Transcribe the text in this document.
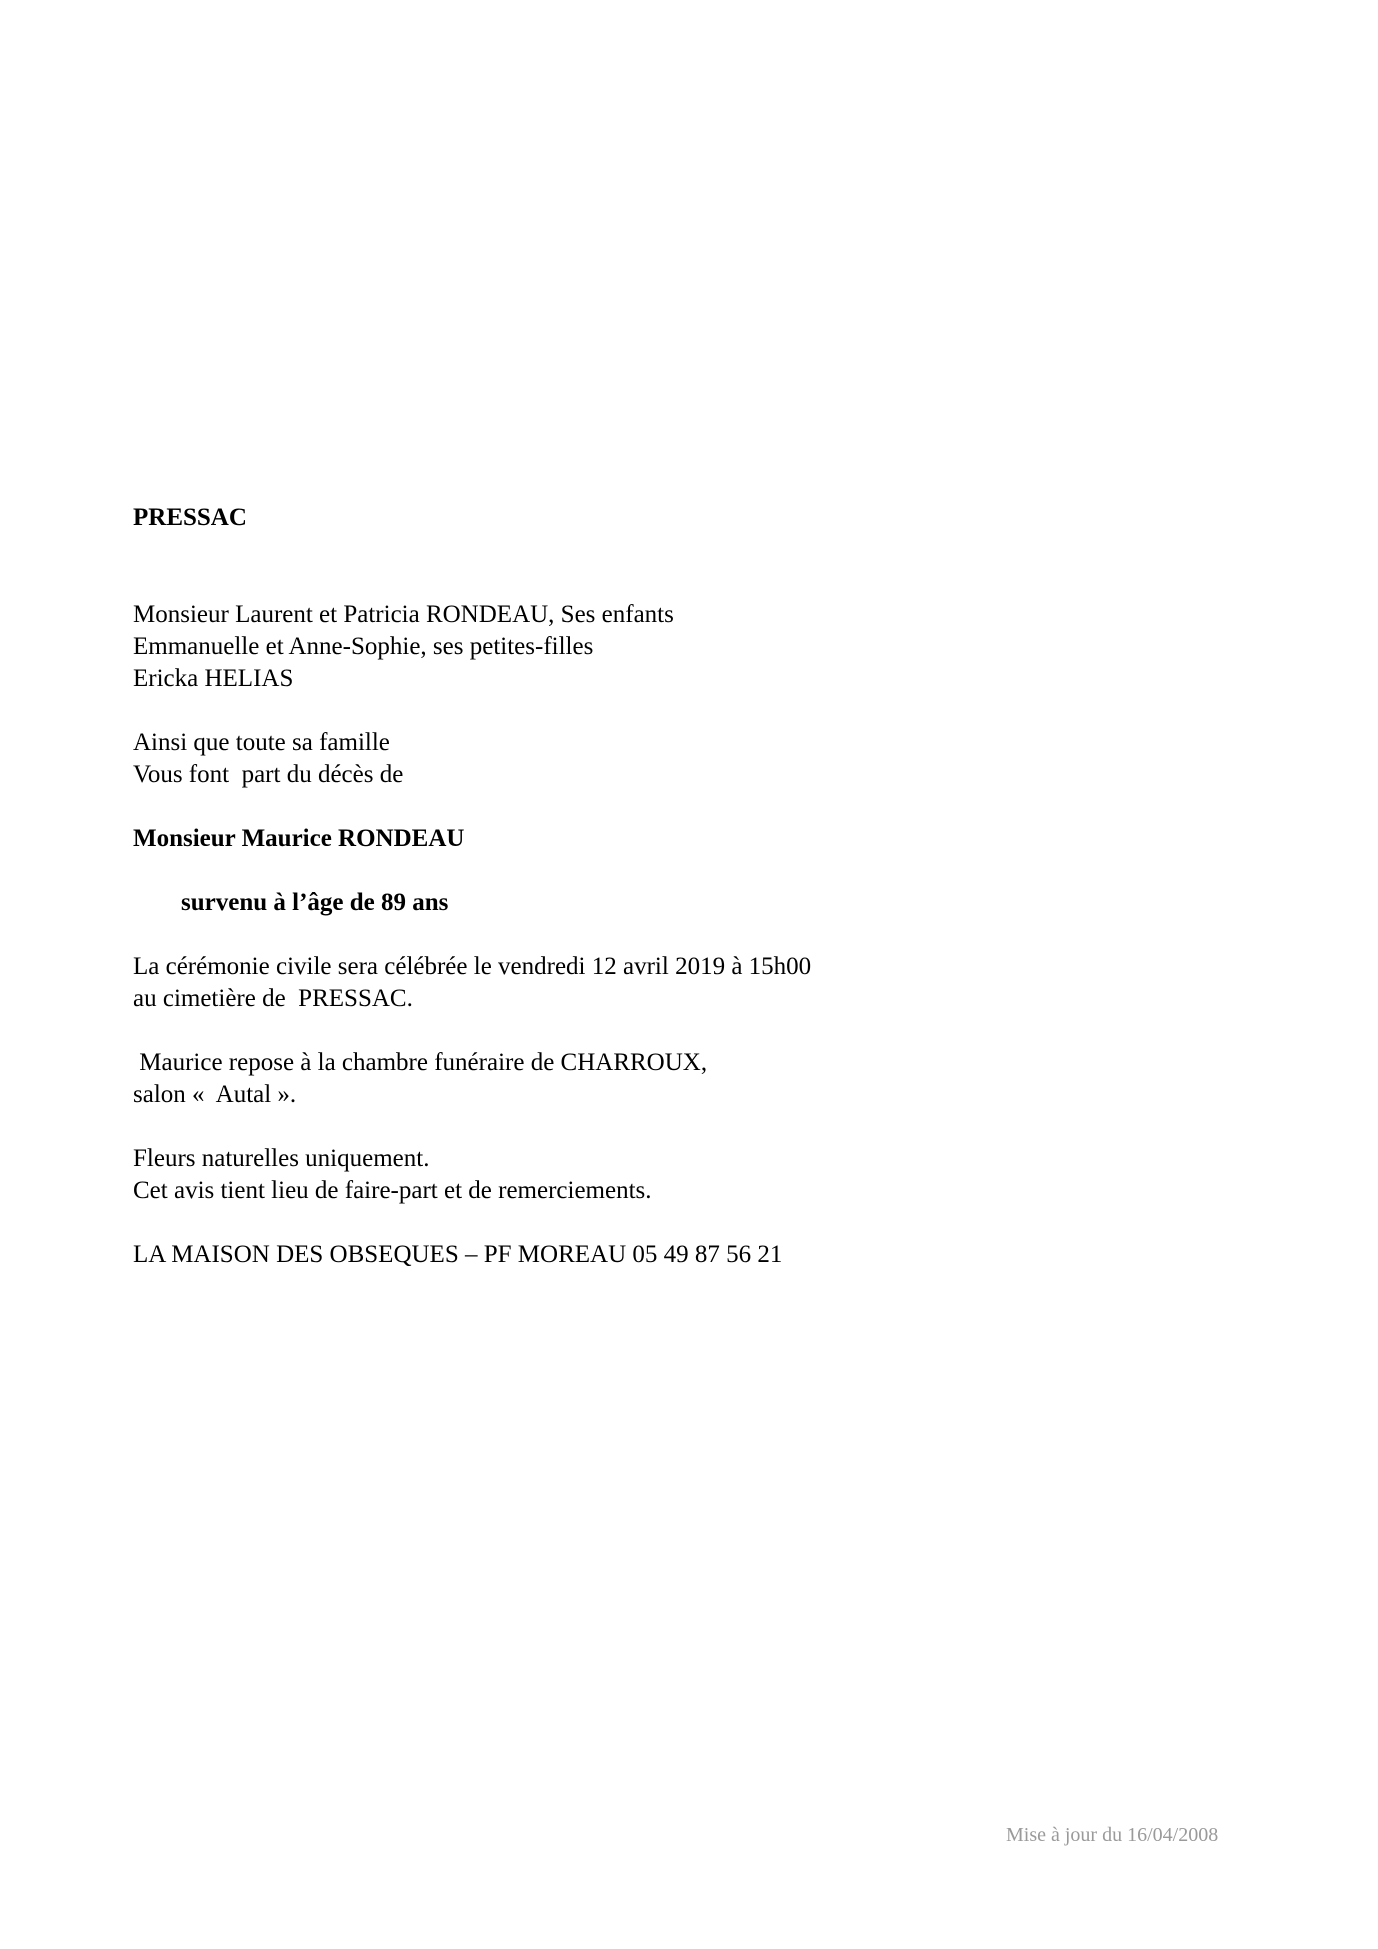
PRESSAC

Monsieur Laurent et Patricia RONDEAU, Ses enfants

Emmanuelle et Anne-Sophie, ses petites-filles

Ericka HELIAS

Ainsi que toute sa famille

Vous font  part du décès de

Monsieur Maurice RONDEAU

survenu à l’âge de 89 ans

La cérémonie civile sera célébrée le vendredi 12 avril 2019 à 15h00

au cimetière de  PRESSAC.

Maurice repose à la chambre funéraire de CHARROUX,

salon «  Autal ».

Fleurs naturelles uniquement.

Cet avis tient lieu de faire-part et de remerciements.

LA MAISON DES OBSEQUES – PF MOREAU 05 49 87 56 21

Mise à jour du 16/04/2008
